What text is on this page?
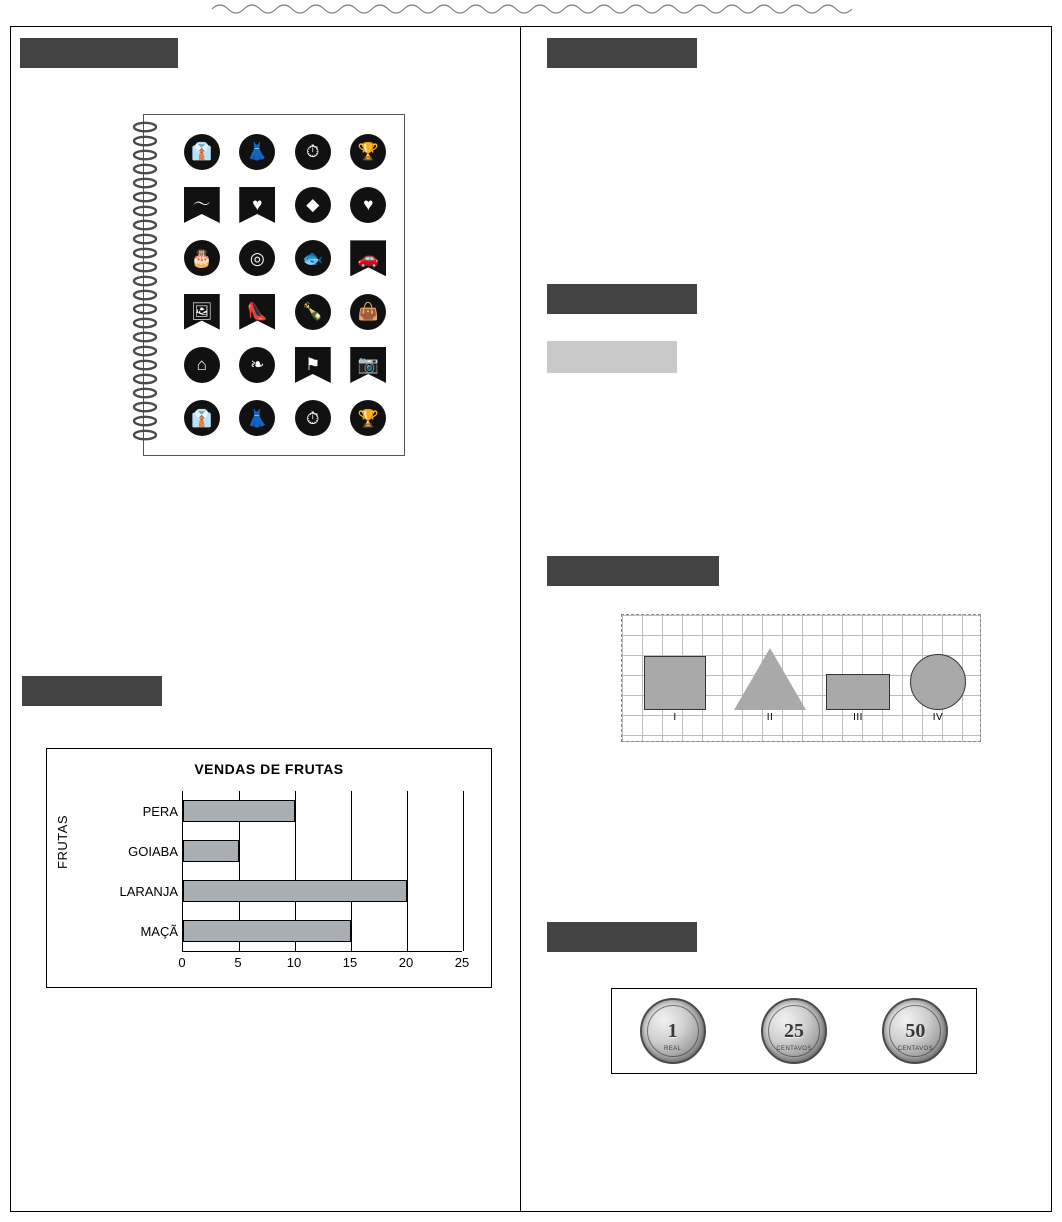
👔 👗 ⏱ 🏆
〜 ♥	◆	♥
🎂 ◎ 🐟 🚗
🖼 👠 🍾 👜
⌂	❧ ⚑ 📷
👔 👗 ⏱ 🏆
VENDAS DE FRUTAS
FRUTAS
PERA
GOIABA
LARANJA
MAÇÃ
0	5	10	15	20	25
I	II	III	IV
1
REAL
25
CENTAVOS
50
CENTAVOS
